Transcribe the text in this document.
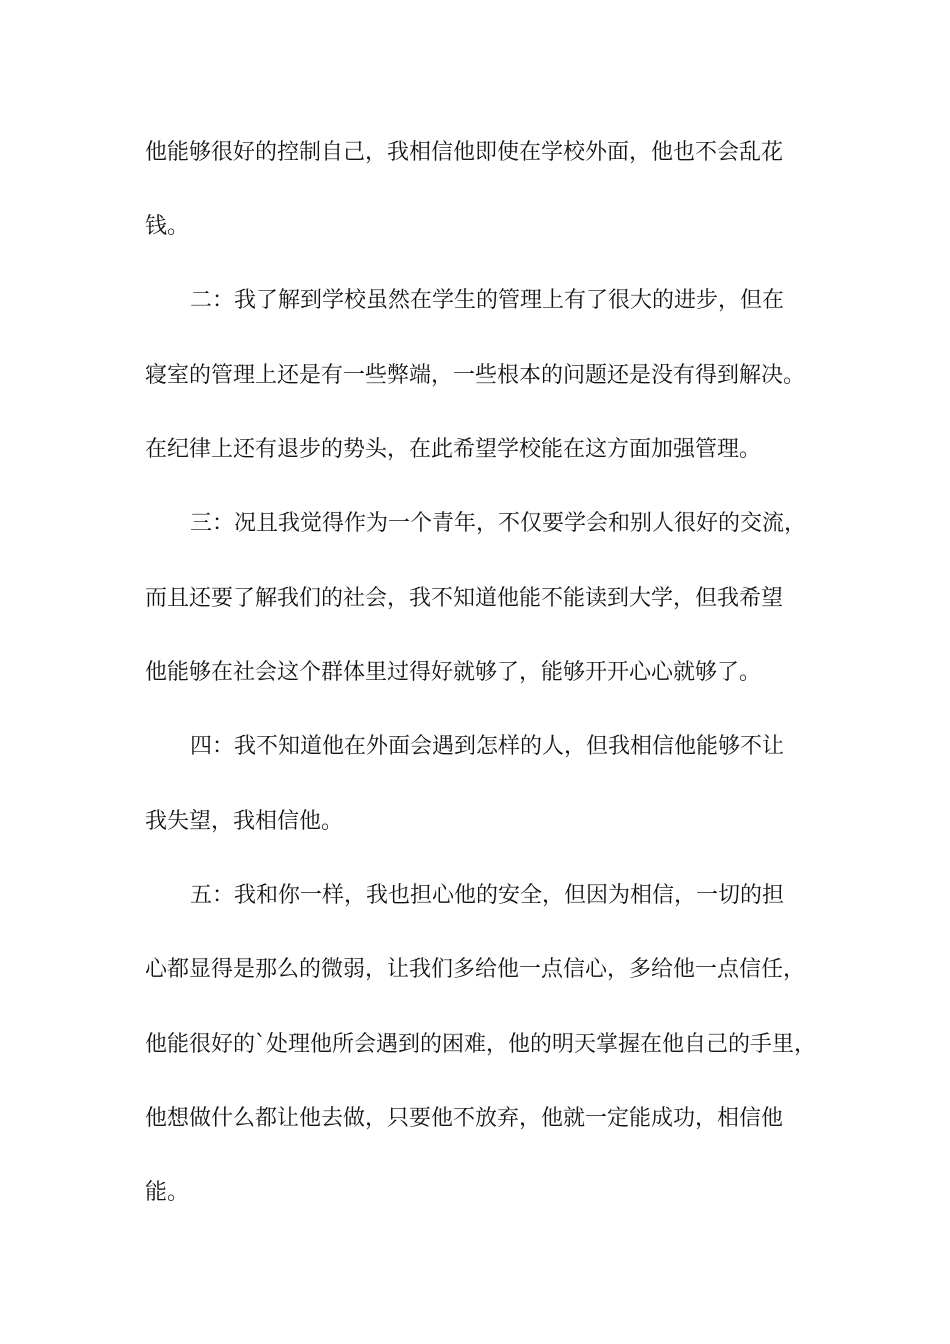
他能够很好的控制自己，我相信他即使在学校外面，他也不会乱花
钱。
二：我了解到学校虽然在学生的管理上有了很大的进步，但在
寝室的管理上还是有一些弊端，一些根本的问题还是没有得到解决。
在纪律上还有退步的势头，在此希望学校能在这方面加强管理。
三：况且我觉得作为一个青年，不仅要学会和别人很好的交流，
而且还要了解我们的社会，我不知道他能不能读到大学，但我希望
他能够在社会这个群体里过得好就够了，能够开开心心就够了。
四：我不知道他在外面会遇到怎样的人，但我相信他能够不让
我失望，我相信他。
五：我和你一样，我也担心他的安全，但因为相信，一切的担
心都显得是那么的微弱，让我们多给他一点信心，多给他一点信任，
他能很好的`处理他所会遇到的困难，他的明天掌握在他自己的手里，
他想做什么都让他去做，只要他不放弃，他就一定能成功，相信他
能。
